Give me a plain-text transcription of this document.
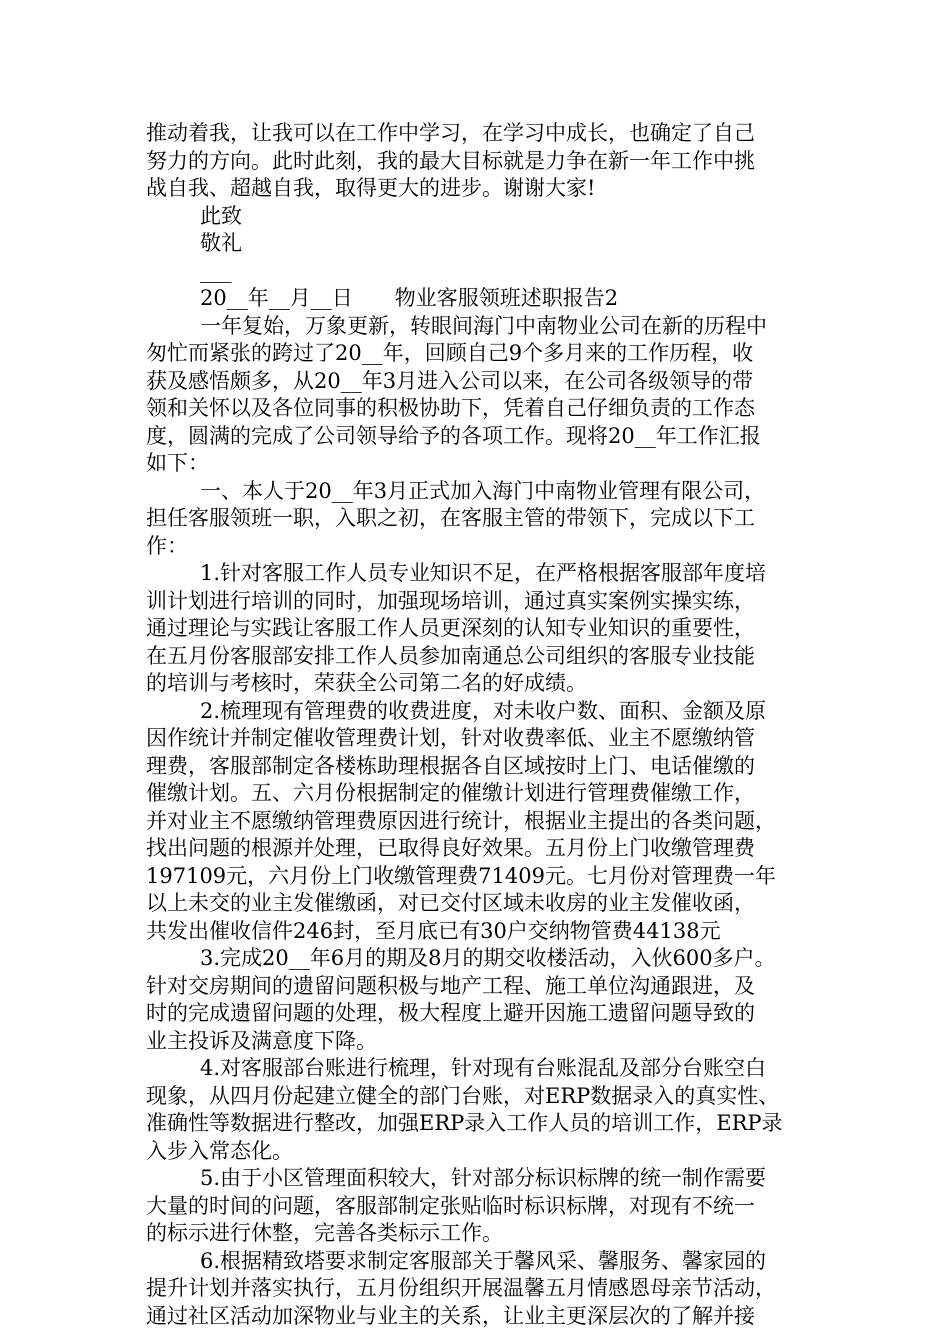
推动着我，让我可以在工作中学习，在学习中成长，也确定了自己
努力的方向。此时此刻，我的最大目标就是力争在新一年工作中挑
战自我、超越自我，取得更大的进步。谢谢大家!
此致
敬礼
___
20__年__月__日　　物业客服领班述职报告2
一年复始，万象更新，转眼间海门中南物业公司在新的历程中
匆忙而紧张的跨过了20__年，回顾自己9个多月来的工作历程，收
获及感悟颇多，从20__年3月进入公司以来，在公司各级领导的带
领和关怀以及各位同事的积极协助下，凭着自己仔细负责的工作态
度，圆满的完成了公司领导给予的各项工作。现将20__年工作汇报
如下：
一、本人于20__年3月正式加入海门中南物业管理有限公司，
担任客服领班一职，入职之初，在客服主管的带领下，完成以下工
作：
1.针对客服工作人员专业知识不足，在严格根据客服部年度培
训计划进行培训的同时，加强现场培训，通过真实案例实操实练，
通过理论与实践让客服工作人员更深刻的认知专业知识的重要性，
在五月份客服部安排工作人员参加南通总公司组织的客服专业技能
的培训与考核时，荣获全公司第二名的好成绩。
2.梳理现有管理费的收费进度，对未收户数、面积、金额及原
因作统计并制定催收管理费计划，针对收费率低、业主不愿缴纳管
理费，客服部制定各楼栋助理根据各自区域按时上门、电话催缴的
催缴计划。五、六月份根据制定的催缴计划进行管理费催缴工作，
并对业主不愿缴纳管理费原因进行统计，根据业主提出的各类问题，
找出问题的根源并处理，已取得良好效果。五月份上门收缴管理费
197109元，六月份上门收缴管理费71409元。七月份对管理费一年
以上未交的业主发催缴函，对已交付区域未收房的业主发催收函，
共发出催收信件246封，至月底已有30户交纳物管费44138元
3.完成20__年6月的期及8月的期交收楼活动，入伙600多户。
针对交房期间的遗留问题积极与地产工程、施工单位沟通跟进，及
时的完成遗留问题的处理，极大程度上避开因施工遗留问题导致的
业主投诉及满意度下降。
4.对客服部台账进行梳理，针对现有台账混乱及部分台账空白
现象，从四月份起建立健全的部门台账，对ERP数据录入的真实性、
准确性等数据进行整改，加强ERP录入工作人员的培训工作，ERP录
入步入常态化。
5.由于小区管理面积较大，针对部分标识标牌的统一制作需要
大量的时间的问题，客服部制定张贴临时标识标牌，对现有不统一
的标示进行休整，完善各类标示工作。
6.根据精致塔要求制定客服部关于馨风采、馨服务、馨家园的
提升计划并落实执行，五月份组织开展温馨五月情感恩母亲节活动，
通过社区活动加深物业与业主的关系，让业主更深层次的了解并接
